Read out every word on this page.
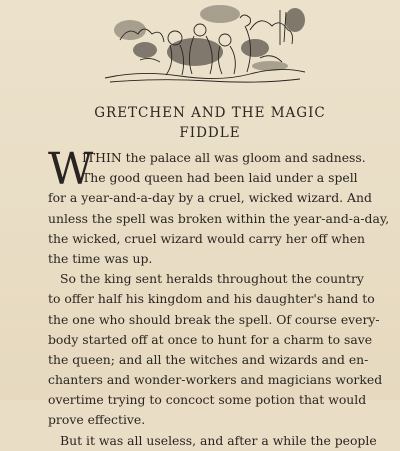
GRETCHEN AND THE MAGIC
FIDDLE
W
ITHIN the palace all was gloom and sadness.
The good queen had been laid under a spell
for a year-and-a-day by a cruel, wicked wizard. And
unless the spell was broken within the year-and-a-day,
the wicked, cruel wizard would carry her off when
the time was up.
So the king sent heralds throughout the country
to offer half his kingdom and his daughter's hand to
the one who should break the spell. Of course every-
body started off at once to hunt for a charm to save
the queen; and all the witches and wizards and en-
chanters and wonder-workers and magicians worked
overtime trying to concoct some potion that would
prove effective.
But it was all useless, and after a while the people
